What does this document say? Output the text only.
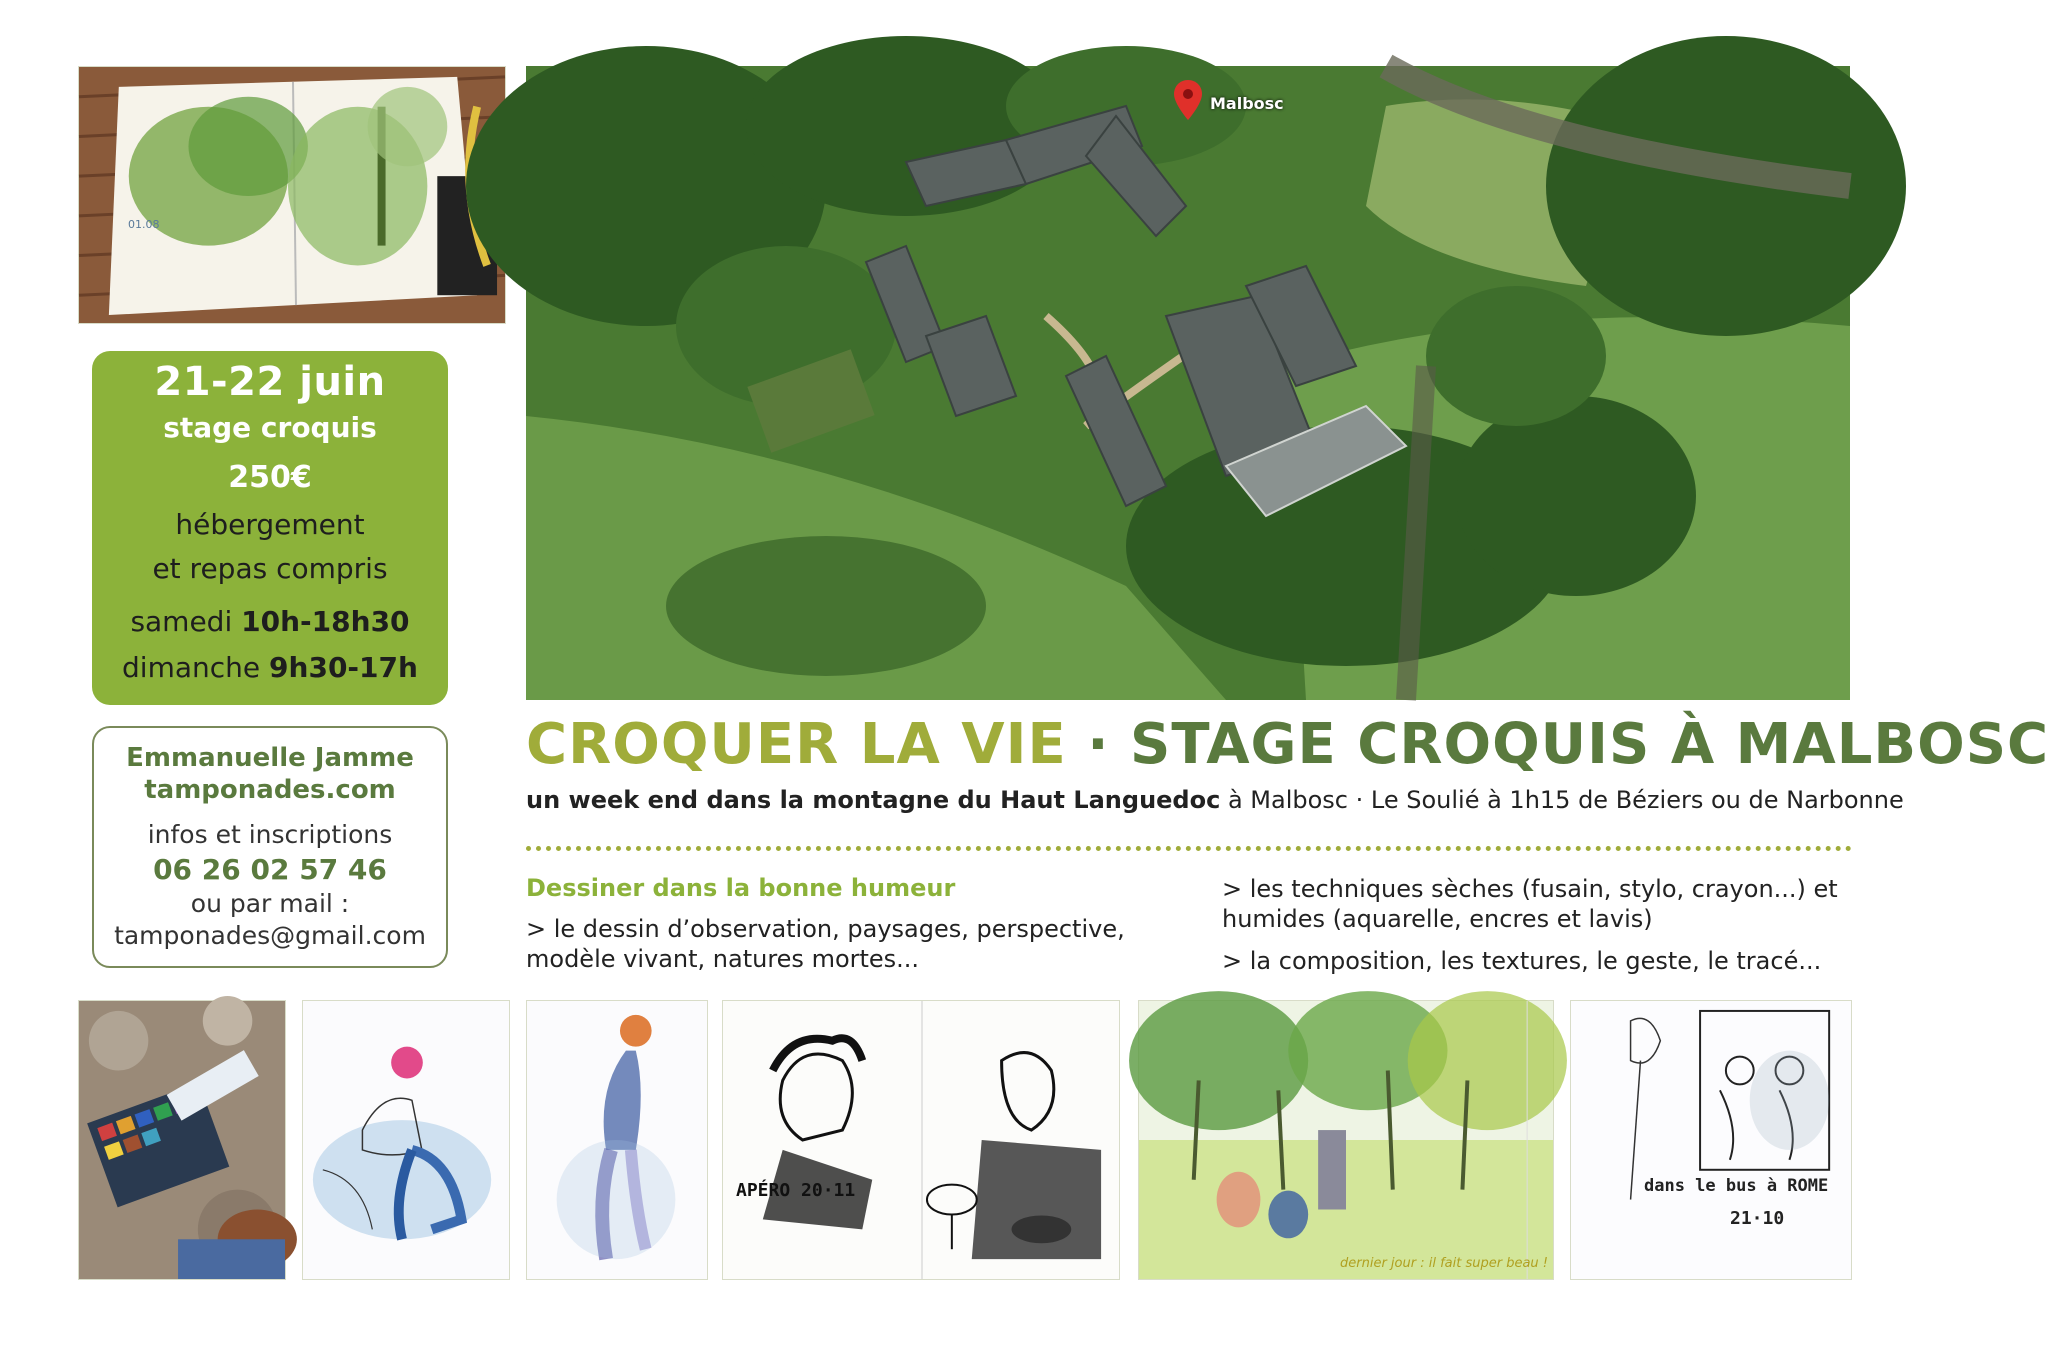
01.08
21-22 juin
stage croquis
250€
hébergement
et repas compris
samedi 10h-18h30
dimanche 9h30-17h
Emmanuelle Jamme
tamponades.com
infos et inscriptions
06 26 02 57 46
ou par mail :
tamponades@gmail.com
Malbosc
CROQUER LA VIE · STAGE CROQUIS À MALBOSC
un week end dans la montagne du Haut Languedoc à Malbosc · Le Soulié à 1h15 de Béziers ou de Narbonne
Dessiner dans la bonne humeur
> le dessin d’observation, paysages, perspective, modèle vivant, natures mortes...

> les techniques sèches (fusain, stylo, crayon...) et humides (aquarelle, encres et lavis)

> la composition, les textures, le geste, le tracé...

APÉRO 20·11
dernier jour : il fait super beau !
dans le bus à ROME
21·10
